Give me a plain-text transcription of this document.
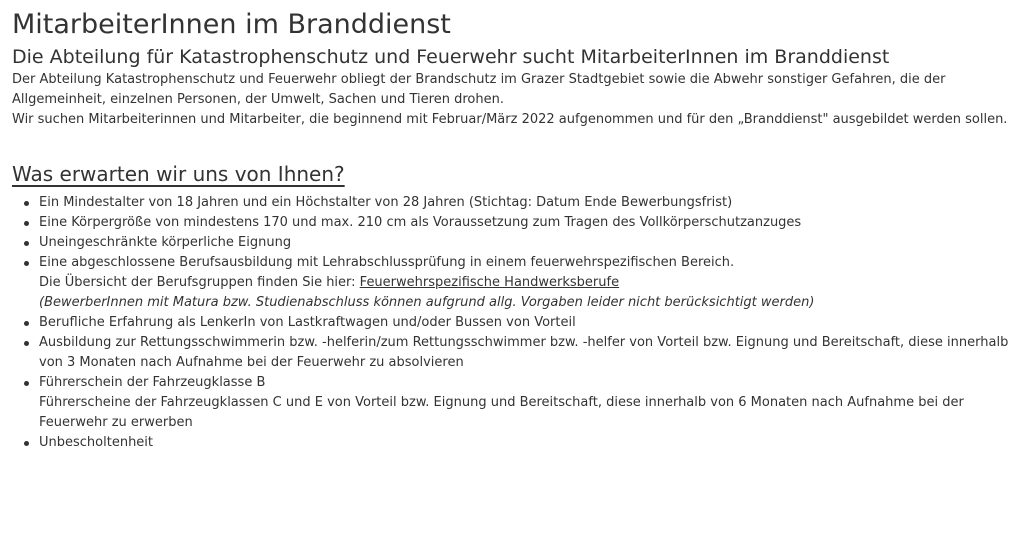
MitarbeiterInnen im Branddienst
Die Abteilung für Katastrophenschutz und Feuerwehr sucht MitarbeiterInnen im Branddienst

Der Abteilung Katastrophenschutz und Feuerwehr obliegt der Brandschutz im Grazer Stadtgebiet sowie die Abwehr sonstiger Gefahren, die der Allgemeinheit, einzelnen Personen, der Umwelt, Sachen und Tieren drohen.

Wir suchen Mitarbeiterinnen und Mitarbeiter, die beginnend mit Februar/März 2022 aufgenommen und für den „Branddienst" ausgebildet werden sollen.

Was erwarten wir uns von Ihnen?
Ein Mindestalter von 18 Jahren und ein Höchstalter von 28 Jahren (Stichtag: Datum Ende Bewerbungsfrist)
Eine Körpergröße von mindestens 170 und max. 210 cm als Voraussetzung zum Tragen des Vollkörperschutzanzuges
Uneingeschränkte körperliche Eignung
Eine abgeschlossene Berufsausbildung mit Lehrabschlussprüfung in einem feuerwehrspezifischen Bereich.
Die Übersicht der Berufsgruppen finden Sie hier: Feuerwehrspezifische Handwerksberufe
(BewerberInnen mit Matura bzw. Studienabschluss können aufgrund allg. Vorgaben leider nicht berücksichtigt werden)
Berufliche Erfahrung als LenkerIn von Lastkraftwagen und/oder Bussen von Vorteil
Ausbildung zur Rettungsschwimmerin bzw. -helferin/zum Rettungsschwimmer bzw. -helfer von Vorteil bzw. Eignung und Bereitschaft, diese innerhalb von 3 Monaten nach Aufnahme bei der Feuerwehr zu absolvieren
Führerschein der Fahrzeugklasse B
Führerscheine der Fahrzeugklassen C und E von Vorteil bzw. Eignung und Bereitschaft, diese innerhalb von 6 Monaten nach Aufnahme bei der Feuerwehr zu erwerben
Unbescholtenheit
